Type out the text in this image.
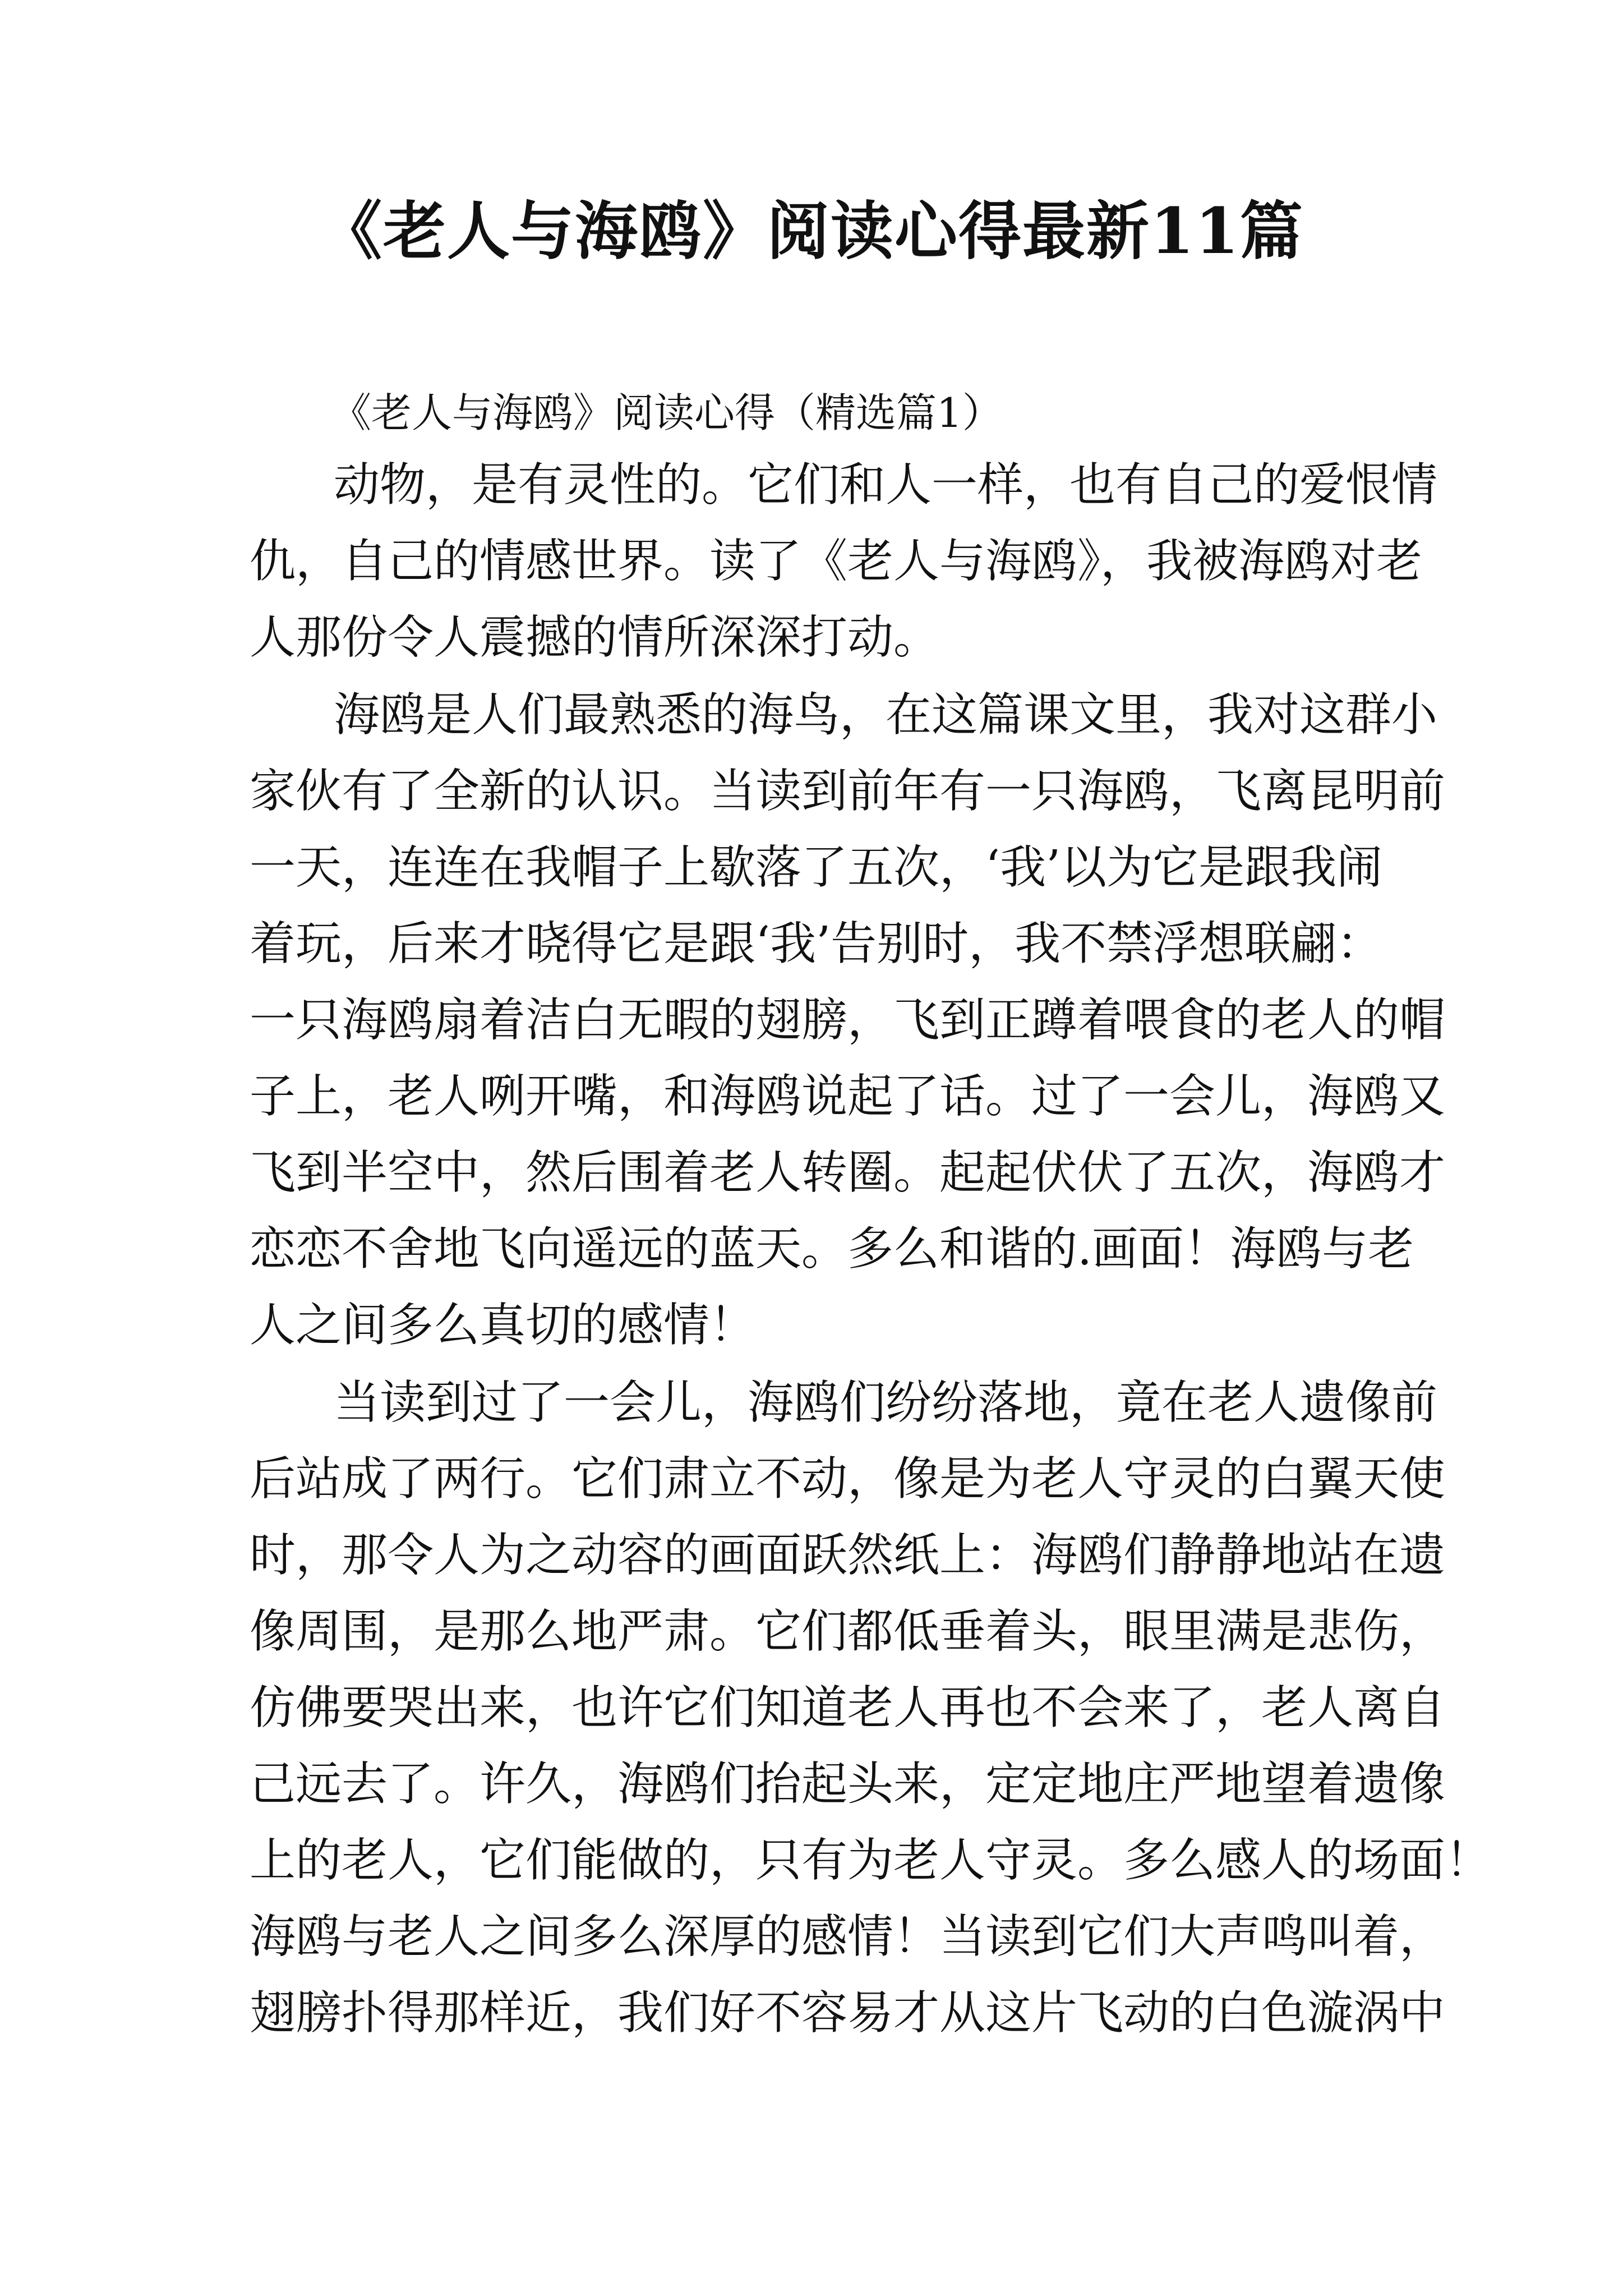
《老人与海鸥》阅读心得最新11篇
《老人与海鸥》阅读心得（精选篇1）
动物，是有灵性的。它们和人一样，也有自己的爱恨情
仇，自己的情感世界。读了《老人与海鸥》，我被海鸥对老
人那份令人震撼的情所深深打动。
海鸥是人们最熟悉的海鸟，在这篇课文里，我对这群小
家伙有了全新的认识。当读到前年有一只海鸥，飞离昆明前
一天，连连在我帽子上歇落了五次，‘我’以为它是跟我闹
着玩，后来才晓得它是跟‘我’告别时，我不禁浮想联翩：
一只海鸥扇着洁白无暇的翅膀，飞到正蹲着喂食的老人的帽
子上，老人咧开嘴，和海鸥说起了话。过了一会儿，海鸥又
飞到半空中，然后围着老人转圈。起起伏伏了五次，海鸥才
恋恋不舍地飞向遥远的蓝天。多么和谐的.画面！海鸥与老
人之间多么真切的感情！
当读到过了一会儿，海鸥们纷纷落地，竟在老人遗像前
后站成了两行。它们肃立不动，像是为老人守灵的白翼天使
时，那令人为之动容的画面跃然纸上：海鸥们静静地站在遗
像周围，是那么地严肃。它们都低垂着头，眼里满是悲伤，
仿佛要哭出来，也许它们知道老人再也不会来了，老人离自
己远去了。许久，海鸥们抬起头来，定定地庄严地望着遗像
上的老人，它们能做的，只有为老人守灵。多么感人的场面！
海鸥与老人之间多么深厚的感情！当读到它们大声鸣叫着，
翅膀扑得那样近，我们好不容易才从这片飞动的白色漩涡中
